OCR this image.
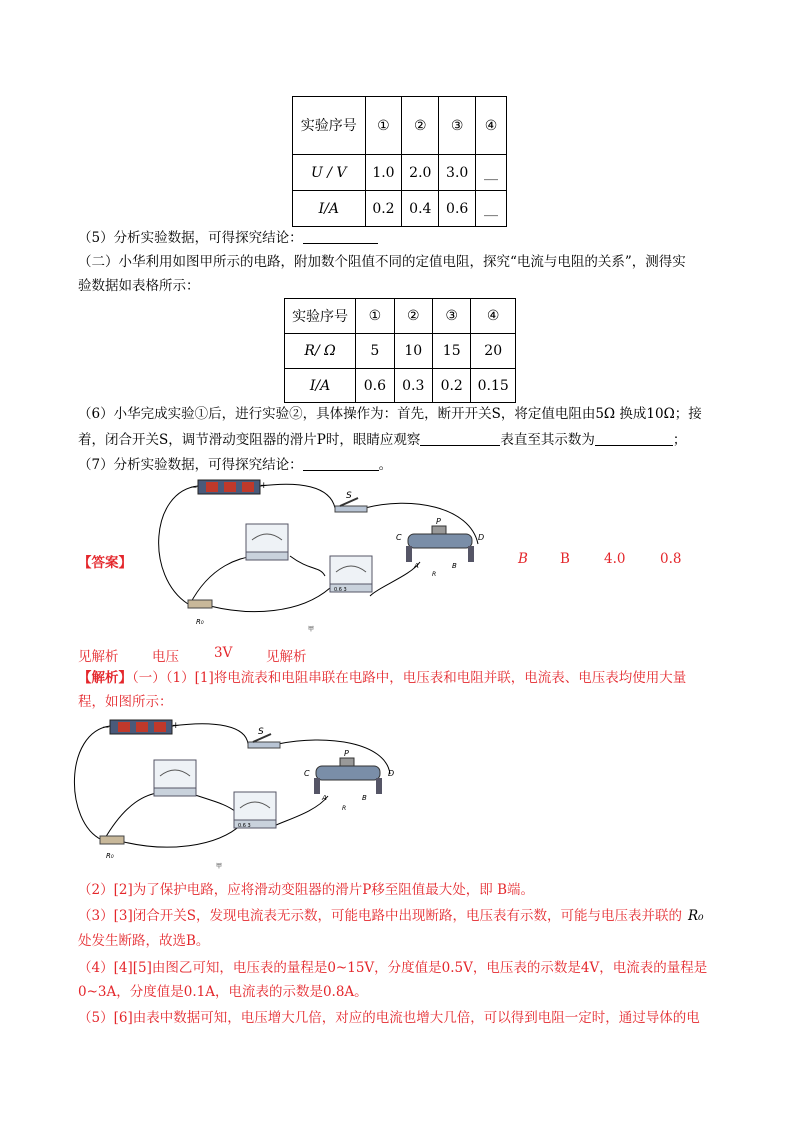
实验序号	①	②	③	④
U / V	1.0	2.0	3.0	__
I/A	0.2	0.4	0.6	__
（5）分析实验数据，可得探究结论：
（二）小华利用如图甲所示的电路，附加数个阻值不同的定值电阻，探究“电流与电阻的关系”，测得实
验数据如表格所示：
实验序号	①	②	③	④
R/ Ω	5	10	15	20
I/A	0.6	0.3	0.2	0.15
（6）小华完成实验①后，进行实验②，具体操作为：首先，断开开关S，将定值电阻由5Ω 换成10Ω；接
着，闭合开关S，调节滑动变阻器的滑片P时，眼睛应观察	表直至其示数为	；
（7）分析实验数据，可得探究结论：	。
−	+
S
0.6 3
P
C	D
A	B
R
R₀
甲
【答案】	B B	4.0	0.8
见解析 电压	3V 见解析
【解析】（一）（1）[1]将电流表和电阻串联在电路中，电压表和电阻并联，电流表、电压表均使用大量
程，如图所示：
−	+
S
0.6 3
P
C	D
A	B
R
R₀
甲
（2）[2]为了保护电路，应将滑动变阻器的滑片P移至阻值最大处，即 B端。
（3）[3]闭合开关S，发现电流表无示数，可能电路中出现断路，电压表有示数，可能与电压表并联的 R₀
处发生断路，故选B。
（4）[4][5]由图乙可知，电压表的量程是0~15V，分度值是0.5V，电压表的示数是4V，电流表的量程是
0~3A，分度值是0.1A，电流表的示数是0.8A。
（5）[6]由表中数据可知，电压增大几倍，对应的电流也增大几倍，可以得到电阻一定时，通过导体的电
